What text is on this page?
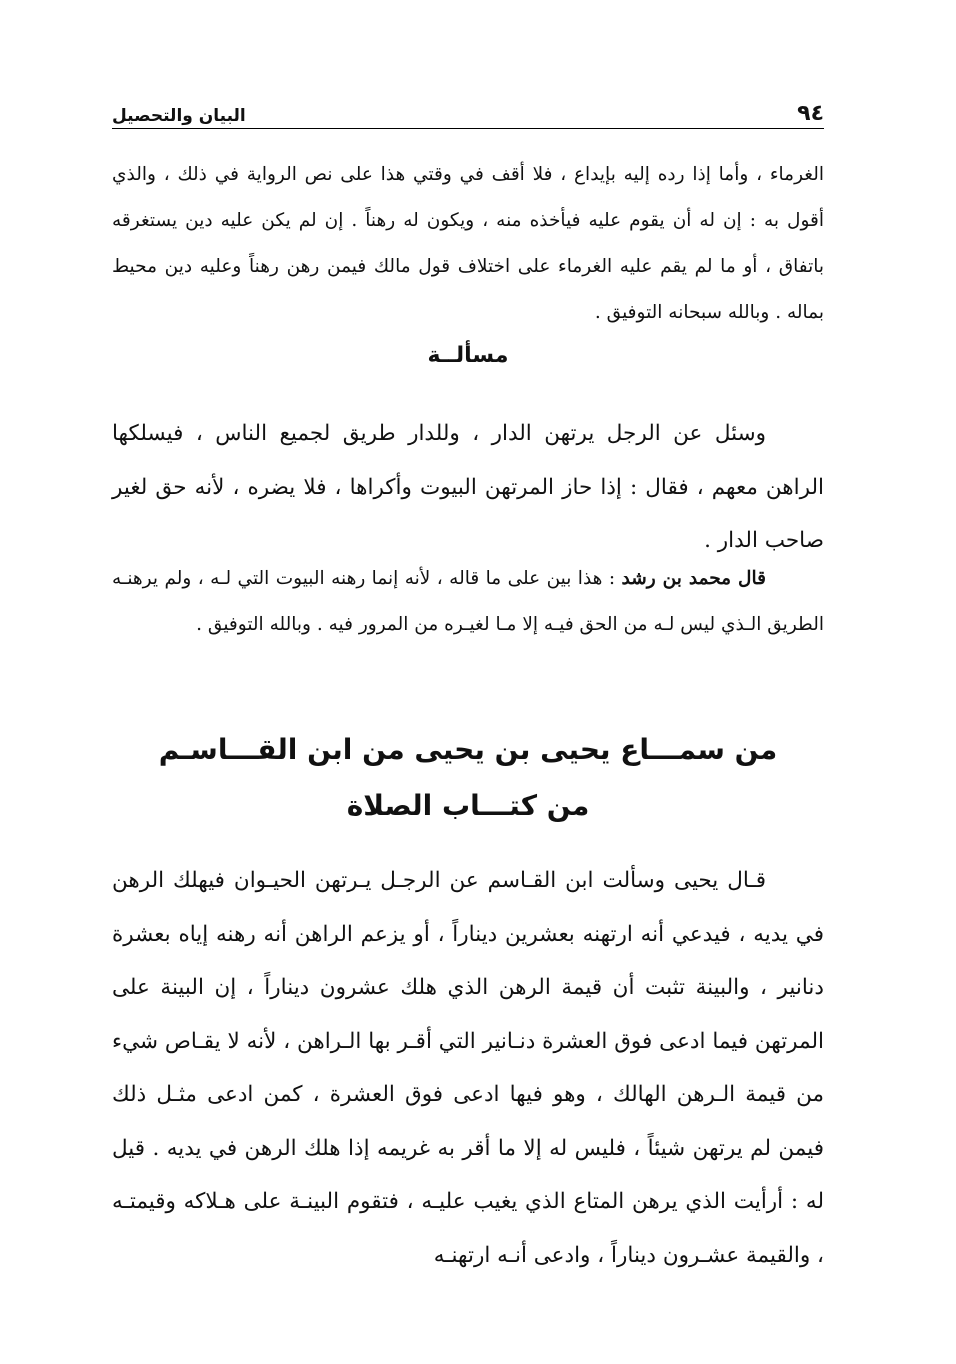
٩٤
البيان والتحصيل

الغرماء ، وأما إذا رده إليه بإيداع ، فلا أقف في وقتي هذا على نص الرواية في ذلك ، والذي أقول به : إن له أن يقوم عليه فيأخذه منه ، ويكون له رهناً . إن لم يكن عليه دين يستغرقه باتفاق ، أو ما لم يقم عليه الغرماء على اختلاف قول مالك فيمن رهن رهناً وعليه دين محيط بماله . وبالله سبحانه التوفيق .

مسألــة

وسئل عن الرجل يرتهن الدار ، وللدار طريق لجميع الناس ، فيسلكها الراهن معهم ، فقال : إذا حاز المرتهن البيوت وأكراها ، فلا يضره ، لأنه حق لغير صاحب الدار .

قال محمد بن رشد : هذا بين على ما قاله ، لأنه إنما رهنه البيوت التي لـه ، ولم يرهنـه الطريق الـذي ليس لـه من الحق فيـه إلا مـا لغيـره من المرور فيه . وبالله التوفيق .

من سمـــاع يحيى بن يحيى من ابن القـــاسـم
من كتـــاب الصلاة

قـال يحيى وسألت ابن القـاسم عن الرجـل يـرتهن الحيـوان فيهلك الرهن في يديه ، فيدعي أنه ارتهنه بعشرين ديناراً ، أو يزعم الراهن أنه رهنه إياه بعشرة دنانير ، والبينة تثبت أن قيمة الرهن الذي هلك عشرون ديناراً ، إن البينة على المرتهن فيما ادعى فوق العشرة دنـانير التي أقـر بها الـراهن ، لأنه لا يقـاص شيء من قيمة الـرهن الهالك ، وهو فيها ادعى فوق العشرة ، كمن ادعى مثـل ذلك فيمن لم يرتهن شيئاً ، فليس له إلا ما أقر به غريمه إذا هلك الرهن في يديه . قيل له : أرأيت الذي يرهن المتاع الذي يغيب عليـه ، فتقوم البينـة على هـلاكه وقيمتـه ، والقيمة عشـرون ديناراً ، وادعى أنـه ارتهنـه
